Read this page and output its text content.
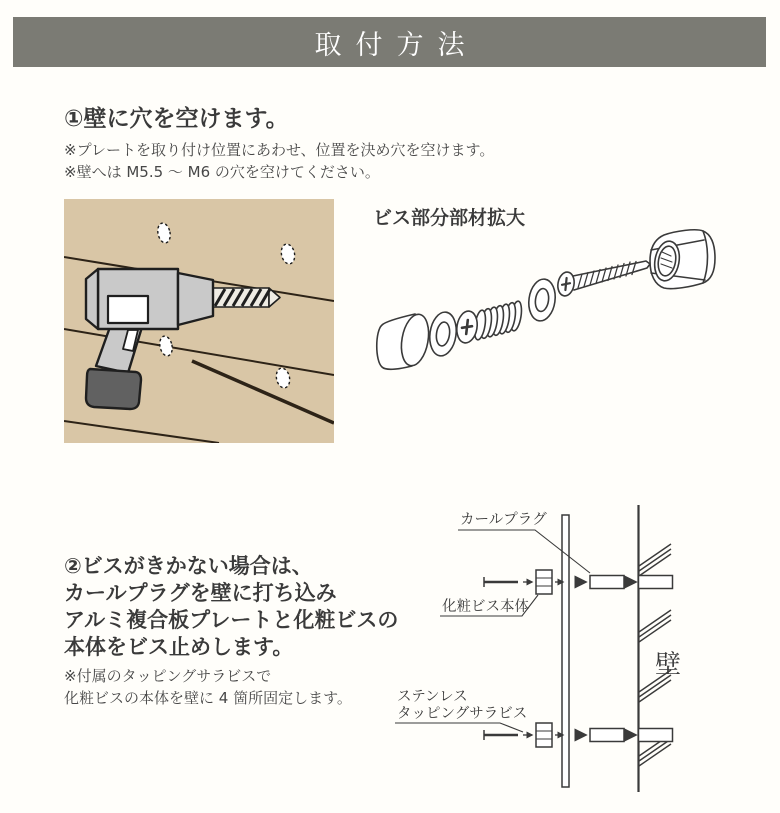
取付方法
①壁に穴を空けます。
※プレートを取り付け位置にあわせ、位置を決め穴を空けます。
※壁へは M5.5 ～ M6 の穴を空けてください。
ビス部分部材拡大
②ビスがきかない場合は、
カールプラグを壁に打ち込み
アルミ複合板プレートと化粧ビスの
本体をビス止めします。
※付属のタッピングサラビスで
化粧ビスの本体を壁に 4 箇所固定します。
カールプラグ
化粧ビス本体
ステンレス
タッピングサラビス
壁
